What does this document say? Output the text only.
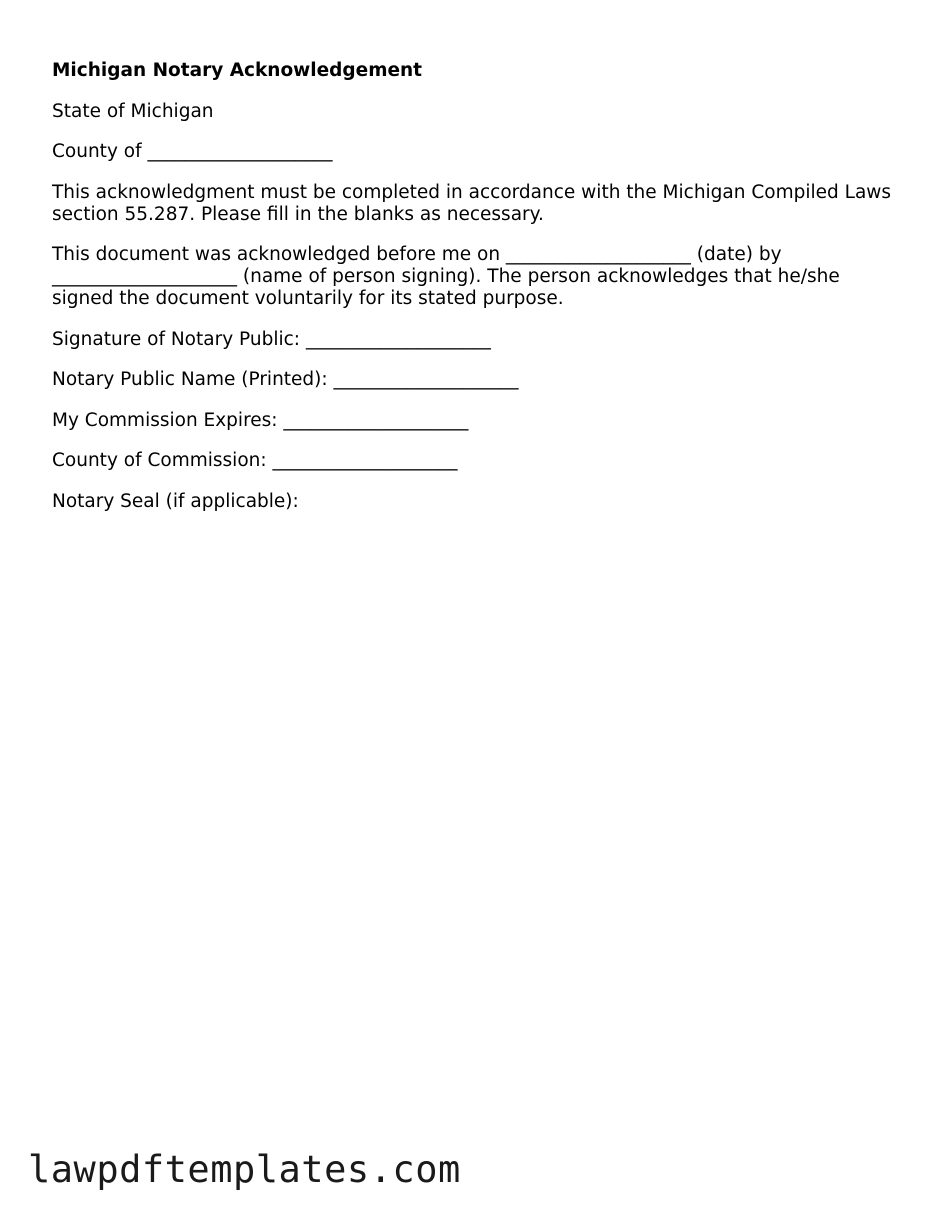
Michigan Notary Acknowledgement

State of Michigan

County of ____________________

This acknowledgment must be completed in accordance with the Michigan Compiled Laws section 55.287. Please fill in the blanks as necessary.

This document was acknowledged before me on ____________________ (date) by ____________________ (name of person signing). The person acknowledges that he/she signed the document voluntarily for its stated purpose.

Signature of Notary Public: ____________________

Notary Public Name (Printed): ____________________

My Commission Expires: ____________________

County of Commission: ____________________

Notary Seal (if applicable):

lawpdftemplates.com
